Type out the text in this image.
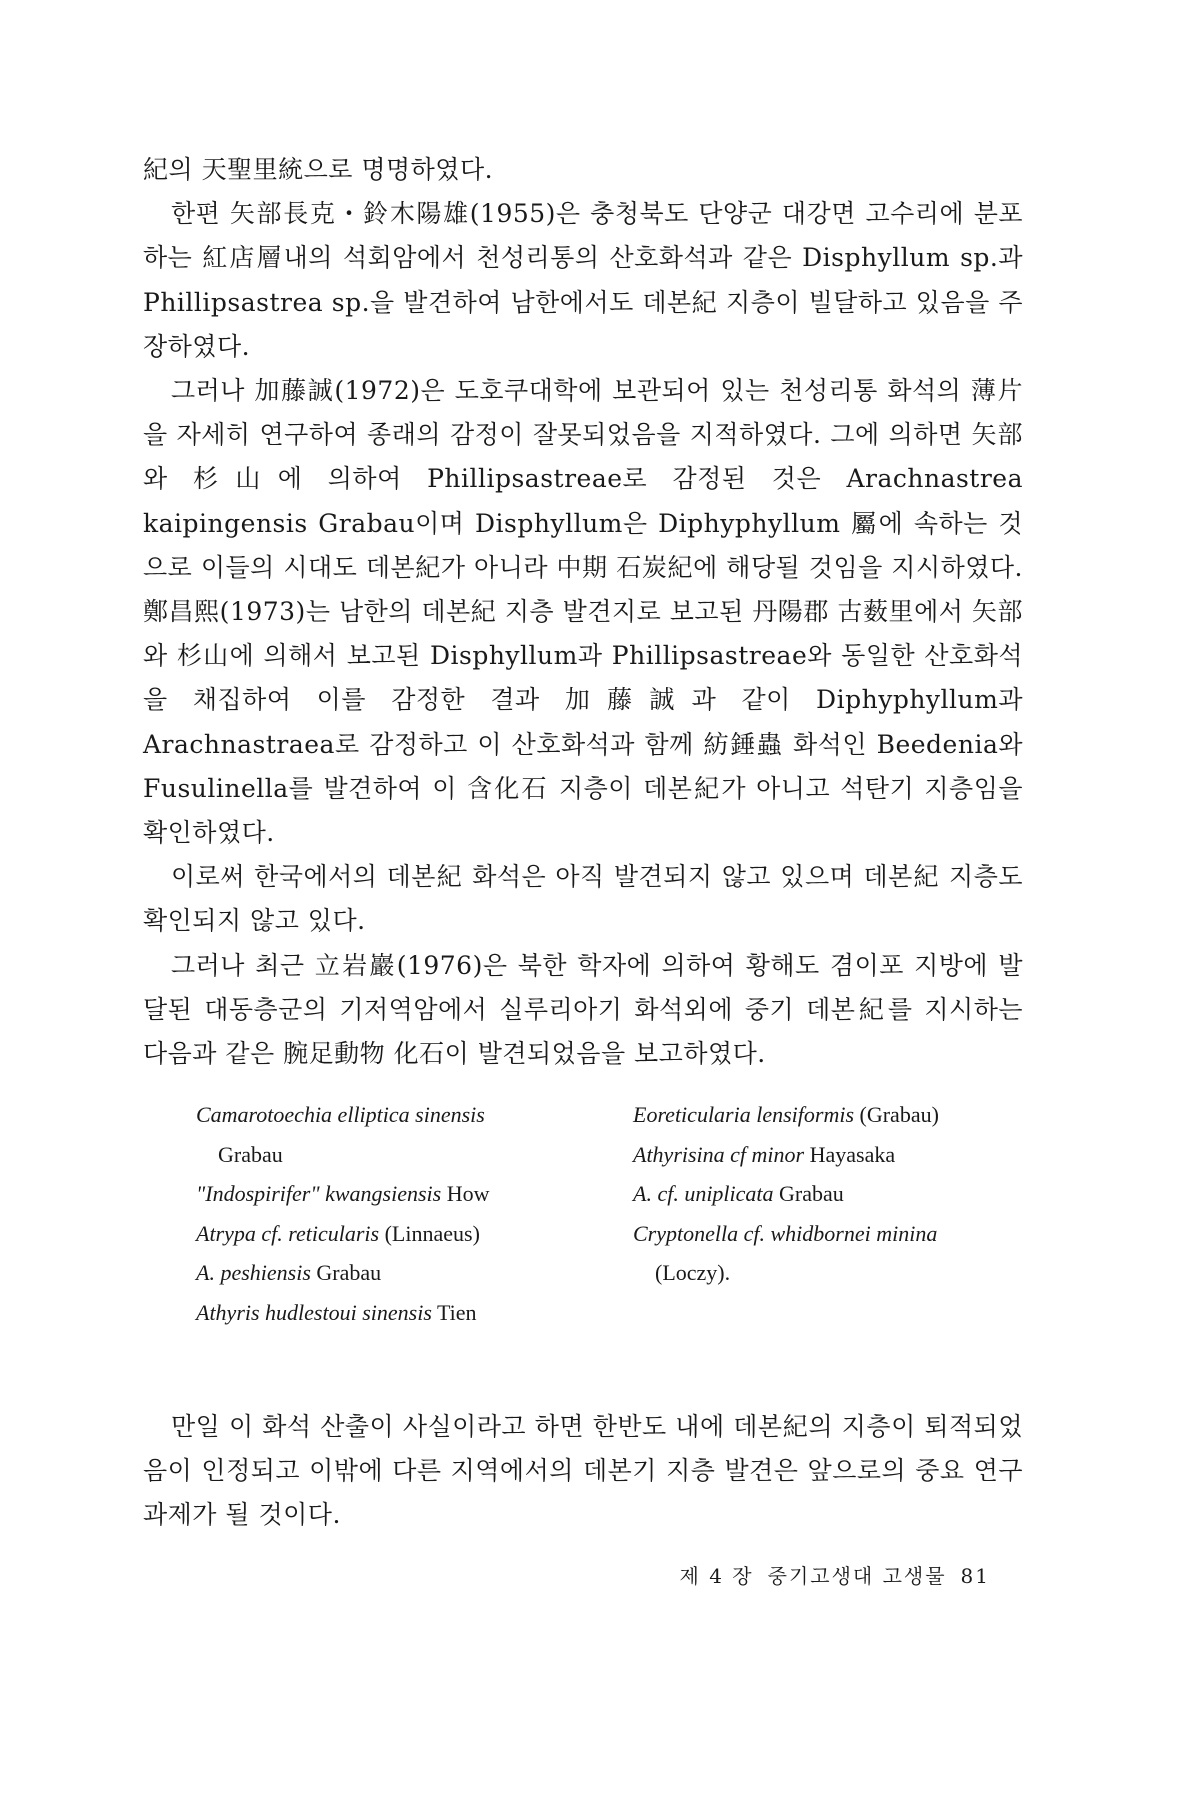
紀의 天聖里統으로 명명하였다.

한편 矢部長克・鈴木陽雄(1955)은 충청북도 단양군 대강면 고수리에 분포하는 紅店層내의 석회암에서 천성리통의 산호화석과 같은 Disphyllum sp.과 Phillipsastrea sp.을 발견하여 남한에서도 데본紀 지층이 빌달하고 있음을 주장하였다.

그러나 加藤誠(1972)은 도호쿠대학에 보관되어 있는 천성리통 화석의 薄片을 자세히 연구하여 종래의 감정이 잘못되었음을 지적하였다. 그에 의하면 矢部와 杉山에 의하여 Phillipsastreae로 감정된 것은 Arachnastrea kaipingensis Grabau이며 Disphyllum은 Diphyphyllum 屬에 속하는 것으로 이들의 시대도 데본紀가 아니라 中期 石炭紀에 해당될 것임을 지시하였다. 鄭昌熙(1973)는 남한의 데본紀 지층 발견지로 보고된 丹陽郡 古薮里에서 矢部와 杉山에 의해서 보고된 Disphyllum과 Phillipsastreae와 동일한 산호화석을 채집하여 이를 감정한 결과 加藤誠과 같이 Diphyphyllum과 Arachnastraea로 감정하고 이 산호화석과 함께 紡錘蟲 화석인 Beedenia와 Fusulinella를 발견하여 이 含化石 지층이 데본紀가 아니고 석탄기 지층임을 확인하였다.

이로써 한국에서의 데본紀 화석은 아직 발견되지 않고 있으며 데본紀 지층도 확인되지 않고 있다.

그러나 최근 立岩巖(1976)은 북한 학자에 의하여 황해도 겸이포 지방에 발달된 대동층군의 기저역암에서 실루리아기 화석외에 중기 데본紀를 지시하는 다음과 같은 腕足動物 化石이 발견되었음을 보고하였다.

Camarotoechia elliptica sinensis
Grabau
"Indospirifer" kwangsiensis How
Atrypa cf. reticularis (Linnaeus)
A. peshiensis Grabau
Athyris hudlestoui sinensis Tien
Eoreticularia lensiformis (Grabau)
Athyrisina cf minor Hayasaka
A. cf. uniplicata Grabau
Cryptonella cf. whidbornei minina
(Loczy).

만일 이 화석 산출이 사실이라고 하면 한반도 내에 데본紀의 지층이 퇴적되었음이 인정되고 이밖에 다른 지역에서의 데본기 지층 발견은 앞으로의 중요 연구과제가 될 것이다.

제 4 장 중기고생대 고생물 81
